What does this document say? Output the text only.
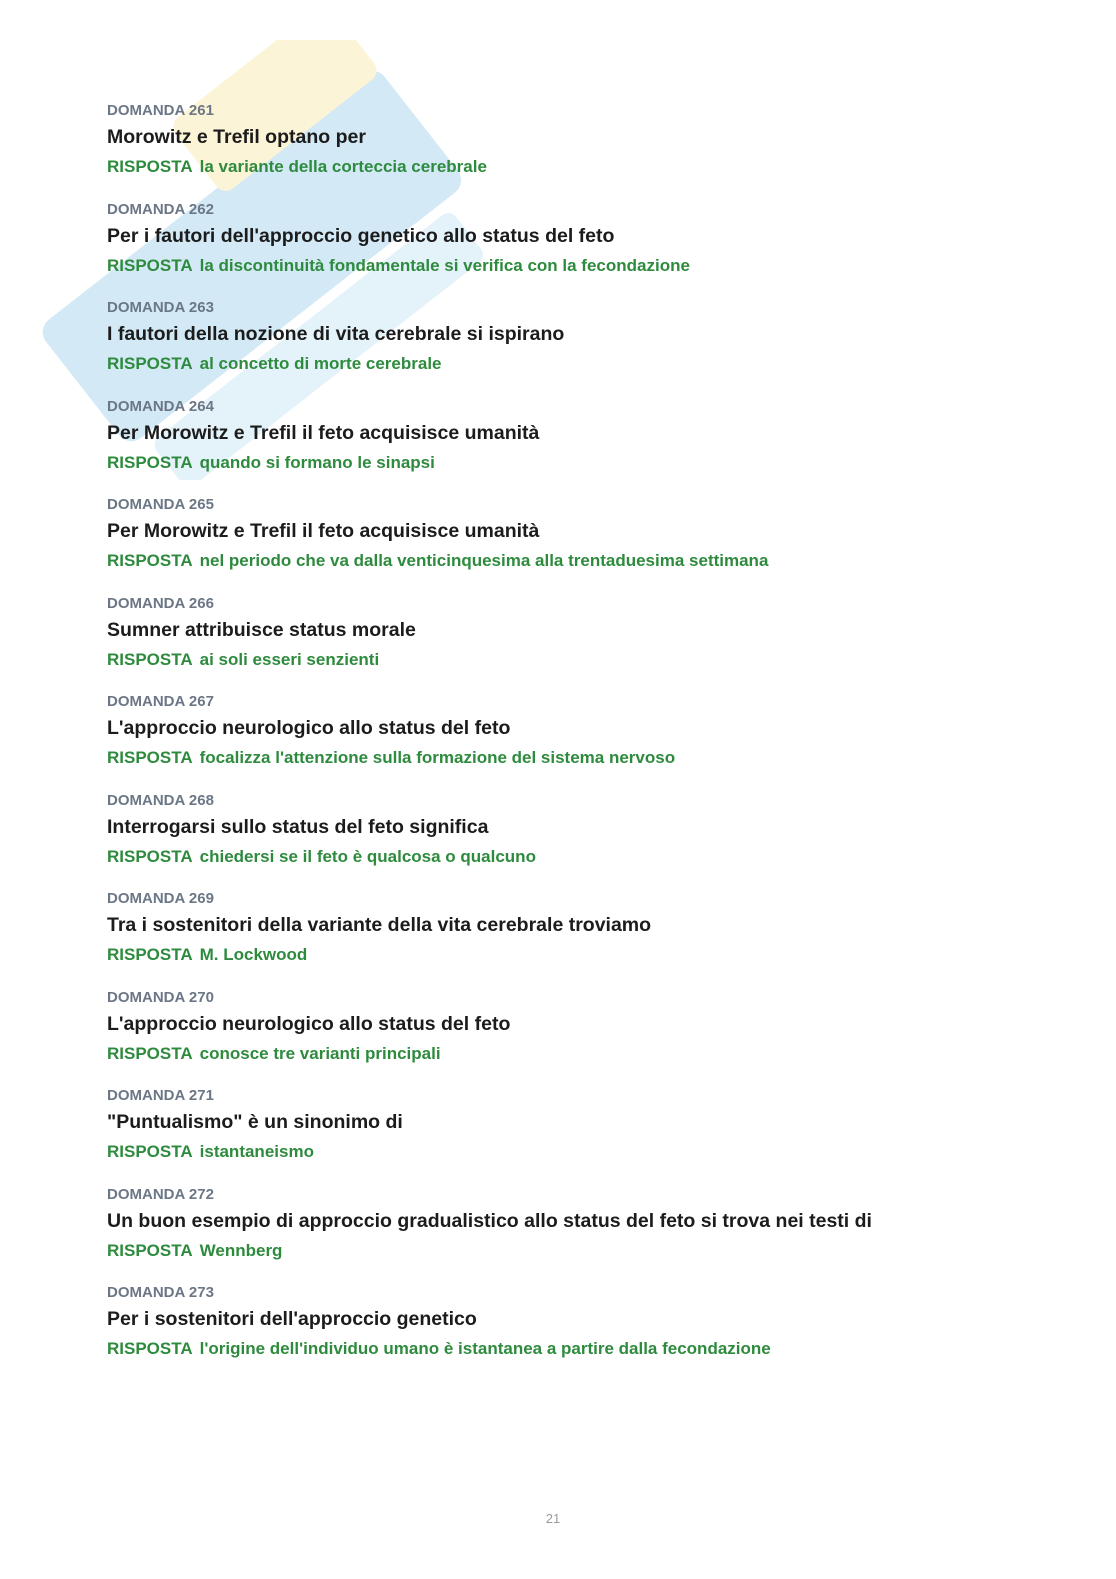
DOMANDA 261
Morowitz e Trefil optano per
RISPOSTA la variante della corteccia cerebrale
DOMANDA 262
Per i fautori dell'approccio genetico allo status del feto
RISPOSTA la discontinuità fondamentale si verifica con la fecondazione
DOMANDA 263
I fautori della nozione di vita cerebrale si ispirano
RISPOSTA al concetto di morte cerebrale
DOMANDA 264
Per Morowitz e Trefil il feto acquisisce umanità
RISPOSTA quando si formano le sinapsi
DOMANDA 265
Per Morowitz e Trefil il feto acquisisce umanità
RISPOSTA nel periodo che va dalla venticinquesima alla trentaduesima settimana
DOMANDA 266
Sumner attribuisce status morale
RISPOSTA ai soli esseri senzienti
DOMANDA 267
L'approccio neurologico allo status del feto
RISPOSTA focalizza l'attenzione sulla formazione del sistema nervoso
DOMANDA 268
Interrogarsi sullo status del feto significa
RISPOSTA chiedersi se il feto è qualcosa o qualcuno
DOMANDA 269
Tra i sostenitori della variante della vita cerebrale troviamo
RISPOSTA M. Lockwood
DOMANDA 270
L'approccio neurologico allo status del feto
RISPOSTA conosce tre varianti principali
DOMANDA 271
"Puntualismo" è un sinonimo di
RISPOSTA istantaneismo
DOMANDA 272
Un buon esempio di approccio gradualistico allo status del feto si trova nei testi di
RISPOSTA Wennberg
DOMANDA 273
Per i sostenitori dell'approccio genetico
RISPOSTA l'origine dell'individuo umano è istantanea a partire dalla fecondazione
21
